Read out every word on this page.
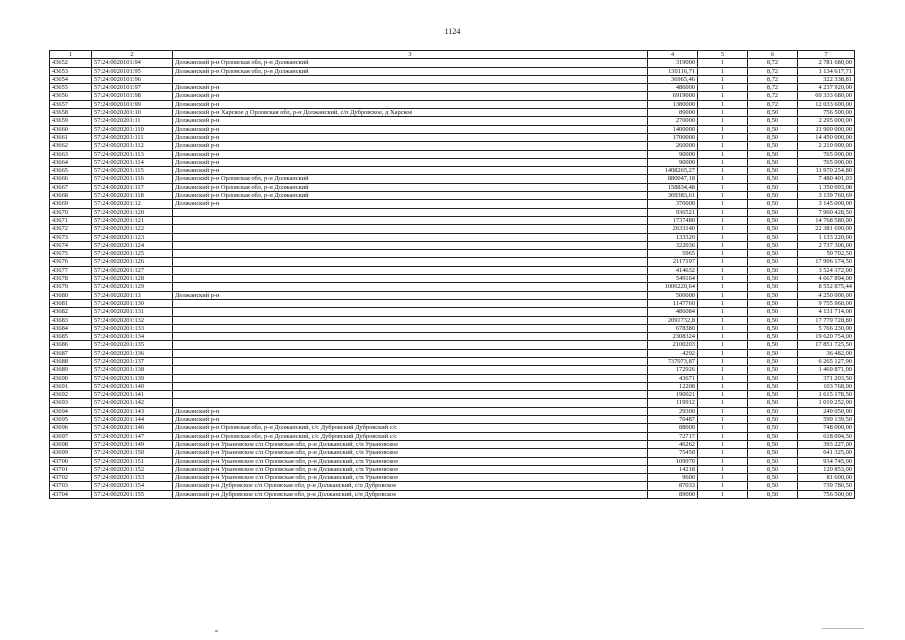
1124
1	2	3	4	5	6	7
43652	57:24:0020101:94	Должанский р-н Орловская обл, р-н Должанский	319000	1	8,72	2 781 680,00
43653	57:24:0020101:95	Должанский р-н Орловская обл, р-н Должанский	130116,71	1	8,72	1 134 617,71
43654	57:24:0020101:96		36965,46	1	8,72	322 338,81
43655	57:24:0020101:97	Должанский р-н	486000	1	8,72	4 237 920,00
43656	57:24:0020101:98	Должанский р-н	6919000	1	8,72	60 333 680,00
43657	57:24:0020101:99	Должанский р-н	1380000	1	8,72	12 033 600,00
43658	57:24:0020201:10	Должанский р-н Харское д Орловская обл, р-н Должанский, с/п Дубровское, д Харское	89000	1	8,50	756 500,00
43659	57:24:0020201:11	Должанский р-н	270000	1	8,50	2 295 000,00
43660	57:24:0020201:110	Должанский р-н	1400000	1	8,50	11 900 000,00
43661	57:24:0020201:111	Должанский р-н	1700000	1	8,50	14 450 000,00
43662	57:24:0020201:112	Должанский р-н	260000	1	8,50	2 210 000,00
43663	57:24:0020201:113	Должанский р-н	90000	1	8,50	765 000,00
43664	57:24:0020201:114	Должанский р-н	90000	1	8,50	765 000,00
43665	57:24:0020201:115	Должанский р-н	1408265,27	1	8,50	11 970 254,80
43666	57:24:0020201:116	Должанский р-н Орловская обл, р-н Должанский	880047,18	1	8,50	7 480 401,03
43667	57:24:0020201:117	Должанский р-н Орловская обл, р-н Должанский	158834,48	1	8,50	1 350 093,08
43668	57:24:0020201:118	Должанский р-н Орловская обл, р-н Должанский	369383,61	1	8,50	3 139 760,69
43669	57:24:0020201:12	Должанский р-н	370000	1	8,50	3 145 000,00
43670	57:24:0020201:120		936521	1	8,50	7 960 428,50
43671	57:24:0020201:121		1737480	1	8,50	14 768 580,00
43672	57:24:0020201:122		2633140	1	8,50	22 381 690,00
43673	57:24:0020201:123		133320	1	8,50	1 133 220,00
43674	57:24:0020201:124		322036	1	8,50	2 737 306,00
43675	57:24:0020201:125		5965	1	8,50	50 702,50
43676	57:24:0020201:126		2117197	1	8,50	17 996 174,50
43677	57:24:0020201:127		414632	1	8,50	3 524 372,00
43678	57:24:0020201:128		549164	1	8,50	4 667 894,00
43679	57:24:0020201:129		1006220,64	1	8,50	8 552 875,44
43680	57:24:0020201:13	Должанский р-н	500000	1	8,50	4 250 000,00
43681	57:24:0020201:130		1147760	1	8,50	9 755 960,00
43682	57:24:0020201:131		486084	1	8,50	4 131 714,00
43683	57:24:0020201:132		2091732,8	1	8,50	17 779 728,80
43684	57:24:0020201:133		678380	1	8,50	5 766 230,00
43685	57:24:0020201:134		2308324	1	8,50	19 620 754,00
43686	57:24:0020201:135		2100203	1	8,50	17 851 725,50
43687	57:24:0020201:136		4292	1	8,50	36 482,00
43688	57:24:0020201:137		737073,87	1	8,50	6 265 127,90
43689	57:24:0020201:138		172926	1	8,50	1 469 871,00
43690	57:24:0020201:139		43671	1	8,50	371 203,50
43691	57:24:0020201:140		12208	1	8,50	103 768,00
43692	57:24:0020201:141		190021	1	8,50	1 615 178,50
43693	57:24:0020201:142		119912	1	8,50	1 019 252,00
43694	57:24:0020201:143	Должанский р-н	29300	1	8,50	249 050,00
43695	57:24:0020201:144	Должанский р-н	70487	1	8,50	599 139,50
43696	57:24:0020201:146	Должанский р-н Орловская обл, р-н Должанский, с/с Дубровский Дубровский с/с	88000	1	8,50	748 000,00
43697	57:24:0020201:147	Должанский р-н Орловская обл, р-н Должанский, с/с Дубровский Дубровский с/с	72717	1	8,50	618 094,50
43698	57:24:0020201:149	Должанский р-н Урыновское с/п Орловская обл, р-н Должанский, с/п Урыновское	46262	1	8,50	393 227,00
43699	57:24:0020201:150	Должанский р-н Урыновское с/п Орловская обл, р-н Должанский, с/п Урыновское	75450	1	8,50	641 325,00
43700	57:24:0020201:151	Должанский р-н Урыновское с/п Орловская обл, р-н Должанский, с/п Урыновское	109970	1	8,50	934 745,00
43701	57:24:0020201:152	Должанский р-н Урыновское с/п Орловская обл, р-н Должанский, с/п Урыновское	14218	1	8,50	120 853,00
43702	57:24:0020201:153	Должанский р-н Урыновское с/п Орловская обл, р-н Должанский, с/п Урыновское	9600	1	8,50	81 600,00
43703	57:24:0020201:154	Должанский р-н Дубровское с/п Орловская обл, р-н Должанский, с/п Дубровское	87033	1	8,50	739 780,50
43704	57:24:0020201:155	Должанский р-н Дубровское с/п Орловская обл, р-н Должанский, с/п Дубровское	89000	1	8,50	756 500,00
